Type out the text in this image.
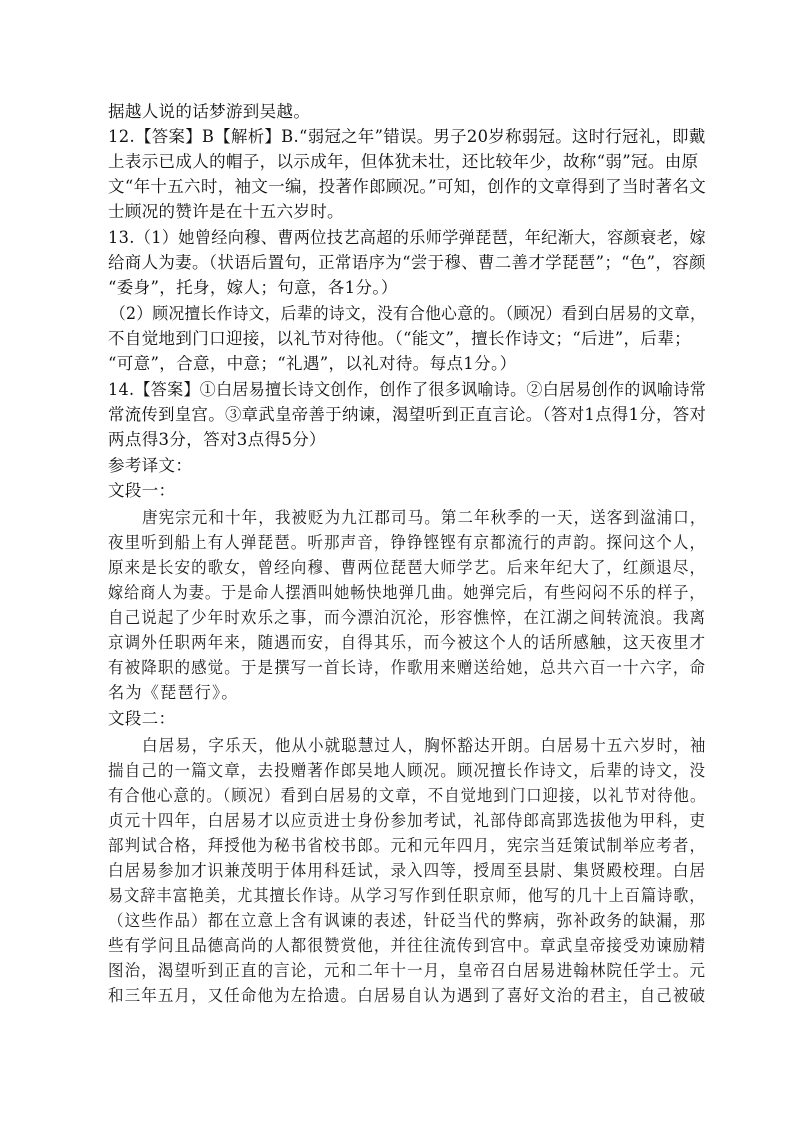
据越人说的话梦游到吴越。
12.【答案】B【解析】B.“弱冠之年”错误。男子20岁称弱冠。这时行冠礼，即戴
上表示已成人的帽子，以示成年，但体犹未壮，还比较年少，故称“弱”冠。由原
文“年十五六时，袖文一编，投著作郎顾况。”可知，创作的文章得到了当时著名文
士顾况的赞许是在十五六岁时。
13.（1）她曾经向穆、曹两位技艺高超的乐师学弹琵琶，年纪渐大，容颜衰老，嫁
给商人为妻。（状语后置句，正常语序为“尝于穆、曹二善才学琵琶”；“色”，容颜
“委身”，托身，嫁人；句意，各1分。）
（2）顾况擅长作诗文，后辈的诗文，没有合他心意的。（顾况）看到白居易的文章，
不自觉地到门口迎接，以礼节对待他。（“能文”，擅长作诗文；“后进”，后辈；
“可意”，合意，中意；“礼遇”，以礼对待。每点1分。）
14.【答案】①白居易擅长诗文创作，创作了很多讽喻诗。②白居易创作的讽喻诗常
常流传到皇宫。③章武皇帝善于纳谏，渴望听到正直言论。（答对1点得1分，答对
两点得3分，答对3点得5分）
参考译文：
文段一：
唐宪宗元和十年，我被贬为九江郡司马。第二年秋季的一天，送客到湓浦口，
夜里听到船上有人弹琵琶。听那声音，铮铮铿铿有京都流行的声韵。探问这个人，
原来是长安的歌女，曾经向穆、曹两位琵琶大师学艺。后来年纪大了，红颜退尽，
嫁给商人为妻。于是命人摆酒叫她畅快地弹几曲。她弹完后，有些闷闷不乐的样子，
自己说起了少年时欢乐之事，而今漂泊沉沦，形容憔悴，在江湖之间转流浪。我离
京调外任职两年来，随遇而安，自得其乐，而今被这个人的话所感触，这天夜里才
有被降职的感觉。于是撰写一首长诗，作歌用来赠送给她，总共六百一十六字，命
名为《琵琶行》。
文段二：
白居易，字乐天，他从小就聪慧过人，胸怀豁达开朗。白居易十五六岁时，袖
揣自己的一篇文章，去投赠著作郎吴地人顾况。顾况擅长作诗文，后辈的诗文，没
有合他心意的。（顾况）看到白居易的文章，不自觉地到门口迎接，以礼节对待他。
贞元十四年，白居易才以应贡进士身份参加考试，礼部侍郎高郢选拔他为甲科，吏
部判试合格，拜授他为秘书省校书郎。元和元年四月，宪宗当廷策试制举应考者，
白居易参加才识兼茂明于体用科廷试，录入四等，授周至县尉、集贤殿校理。白居
易文辞丰富艳美，尤其擅长作诗。从学习写作到任职京师，他写的几十上百篇诗歌，
（这些作品）都在立意上含有讽谏的表述，针砭当代的弊病，弥补政务的缺漏，那
些有学问且品德高尚的人都很赞赏他，并往往流传到宫中。章武皇帝接受劝谏励精
图治，渴望听到正直的言论，元和二年十一月，皇帝召白居易进翰林院任学士。元
和三年五月，又任命他为左拾遗。白居易自认为遇到了喜好文治的君主，自己被破
